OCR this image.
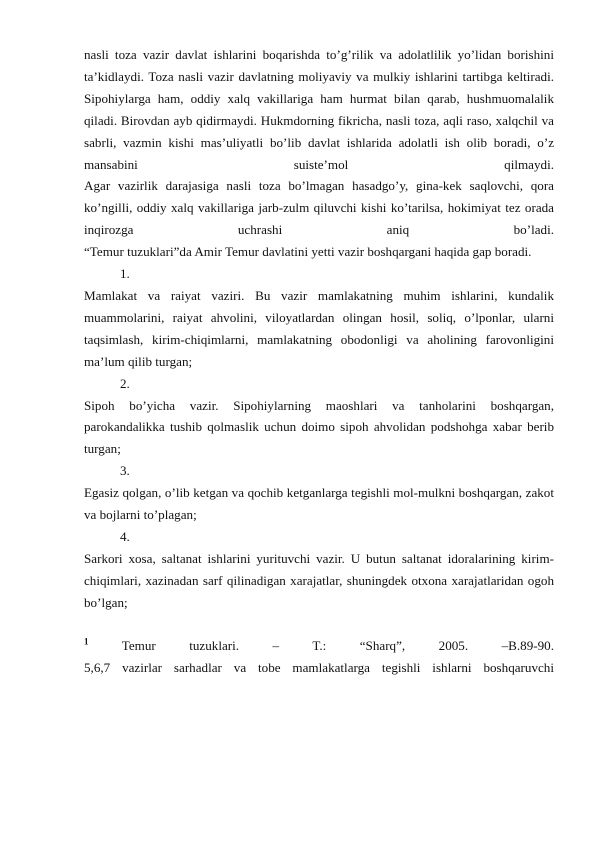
nasli toza vazir davlat ishlarini boqarishda to’g’rilik va adolatlilik yo’lidan borishini ta’kidlaydi. Toza nasli vazir davlatning moliyaviy va mulkiy ishlarini tartibga keltiradi. Sipohiylarga ham, oddiy xalq vakillariga ham hurmat bilan qarab, hushmuomalalik qiladi. Birovdan ayb qidirmaydi. Hukmdorning fikricha, nasli toza, aqli raso, xalqchil va sabrli, vazmin kishi mas’uliyatli bo’lib davlat ishlarida adolatli ish olib boradi, o’z mansabini suiste’mol qilmaydi.

Agar vazirlik darajasiga nasli toza bo’lmagan hasadgo’y, gina-kek saqlovchi, qora ko’ngilli, oddiy xalq vakillariga jarb-zulm qiluvchi kishi ko’tarilsa, hokimiyat tez orada inqirozga uchrashi aniq bo’ladi.

“Temur tuzuklari”da Amir Temur davlatini yetti vazir boshqargani haqida gap boradi.

1.

Mamlakat va raiyat vaziri. Bu vazir mamlakatning muhim ishlarini, kundalik muammolarini, raiyat ahvolini, viloyatlardan olingan hosil, soliq, o’lponlar, ularni taqsimlash, kirim-chiqimlarni, mamlakatning obodonligi va aholining farovonligini ma’lum qilib turgan;

2.

Sipoh bo’yicha vazir. Sipohiylarning maoshlari va tanholarini boshqargan, parokandalikka tushib qolmaslik uchun doimo sipoh ahvolidan podshohga xabar berib turgan;

3.

Egasiz qolgan, o’lib ketgan va qochib ketganlarga tegishli mol-mulkni boshqargan, zakot va bojlarni to’plagan;

4.

Sarkori xosa, saltanat ishlarini yurituvchi vazir. U butun saltanat idoralarining kirim-chiqimlari, xazinadan sarf qilinadigan xarajatlar, shuningdek otxona xarajatlaridan ogoh bo’lgan;

$^1$	Temur tuzuklari. – T.: “Sharq”, 2005. –B.89-90.

5,6,7 vazirlar sarhadlar va tobe mamlakatlarga tegishli ishlarni boshqaruvchi
